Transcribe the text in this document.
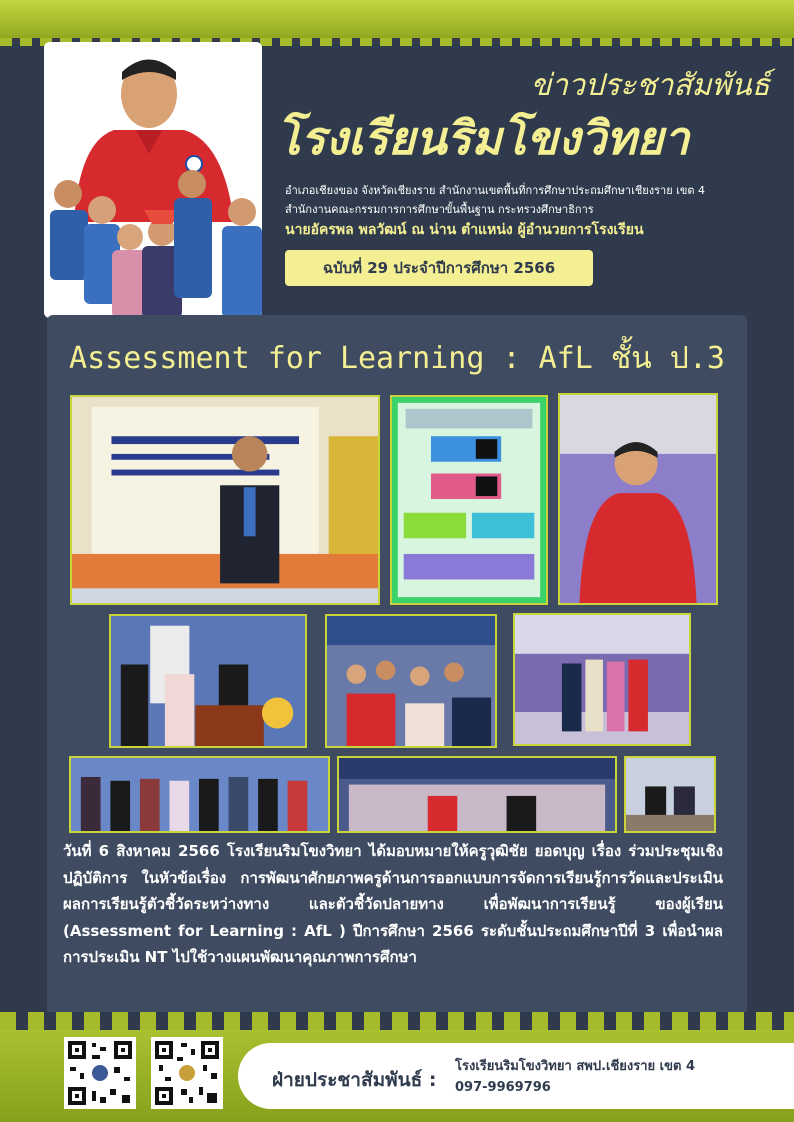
ข่าวประชาสัมพันธ์
โรงเรียนริมโขงวิทยา
อำเภอเชียงของ จังหวัดเชียงราย สำนักงานเขตพื้นที่การศึกษาประถมศึกษาเชียงราย เขต 4
สำนักงานคณะกรรมการการศึกษาขั้นพื้นฐาน กระทรวงศึกษาธิการ
นายอัครพล พลวัฒน์ ณ น่าน ตำแหน่ง ผู้อำนวยการโรงเรียน
ฉบับที่ 29 ประจำปีการศึกษา 2566
Assessment for Learning : AfL ชั้น ป.3
วันที่ 6 สิงหาคม 2566 โรงเรียนริมโขงวิทยา ได้มอบหมายให้ครูวุฒิชัย ยอดบุญ เรื่อง ร่วมประชุมเชิงปฏิบัติการ ในหัวข้อเรื่อง การพัฒนาศักยภาพครูด้านการออกแบบการจัดการเรียนรู้การวัดและประเมินผลการเรียนรู้ตัวชี้วัดระหว่างทาง และตัวชี้วัดปลายทาง เพื่อพัฒนาการเรียนรู้ ของผู้เรียน (Assessment for Learning : AfL ) ปีการศึกษา 2566 ระดับชั้นประถมศึกษาปีที่ 3 เพื่อนำผลการประเมิน NT ไปใช้วางแผนพัฒนาคุณภาพการศึกษา
ฝ่ายประชาสัมพันธ์ :
โรงเรียนริมโขงวิทยา สพป.เชียงราย เขต 4
097-9969796
